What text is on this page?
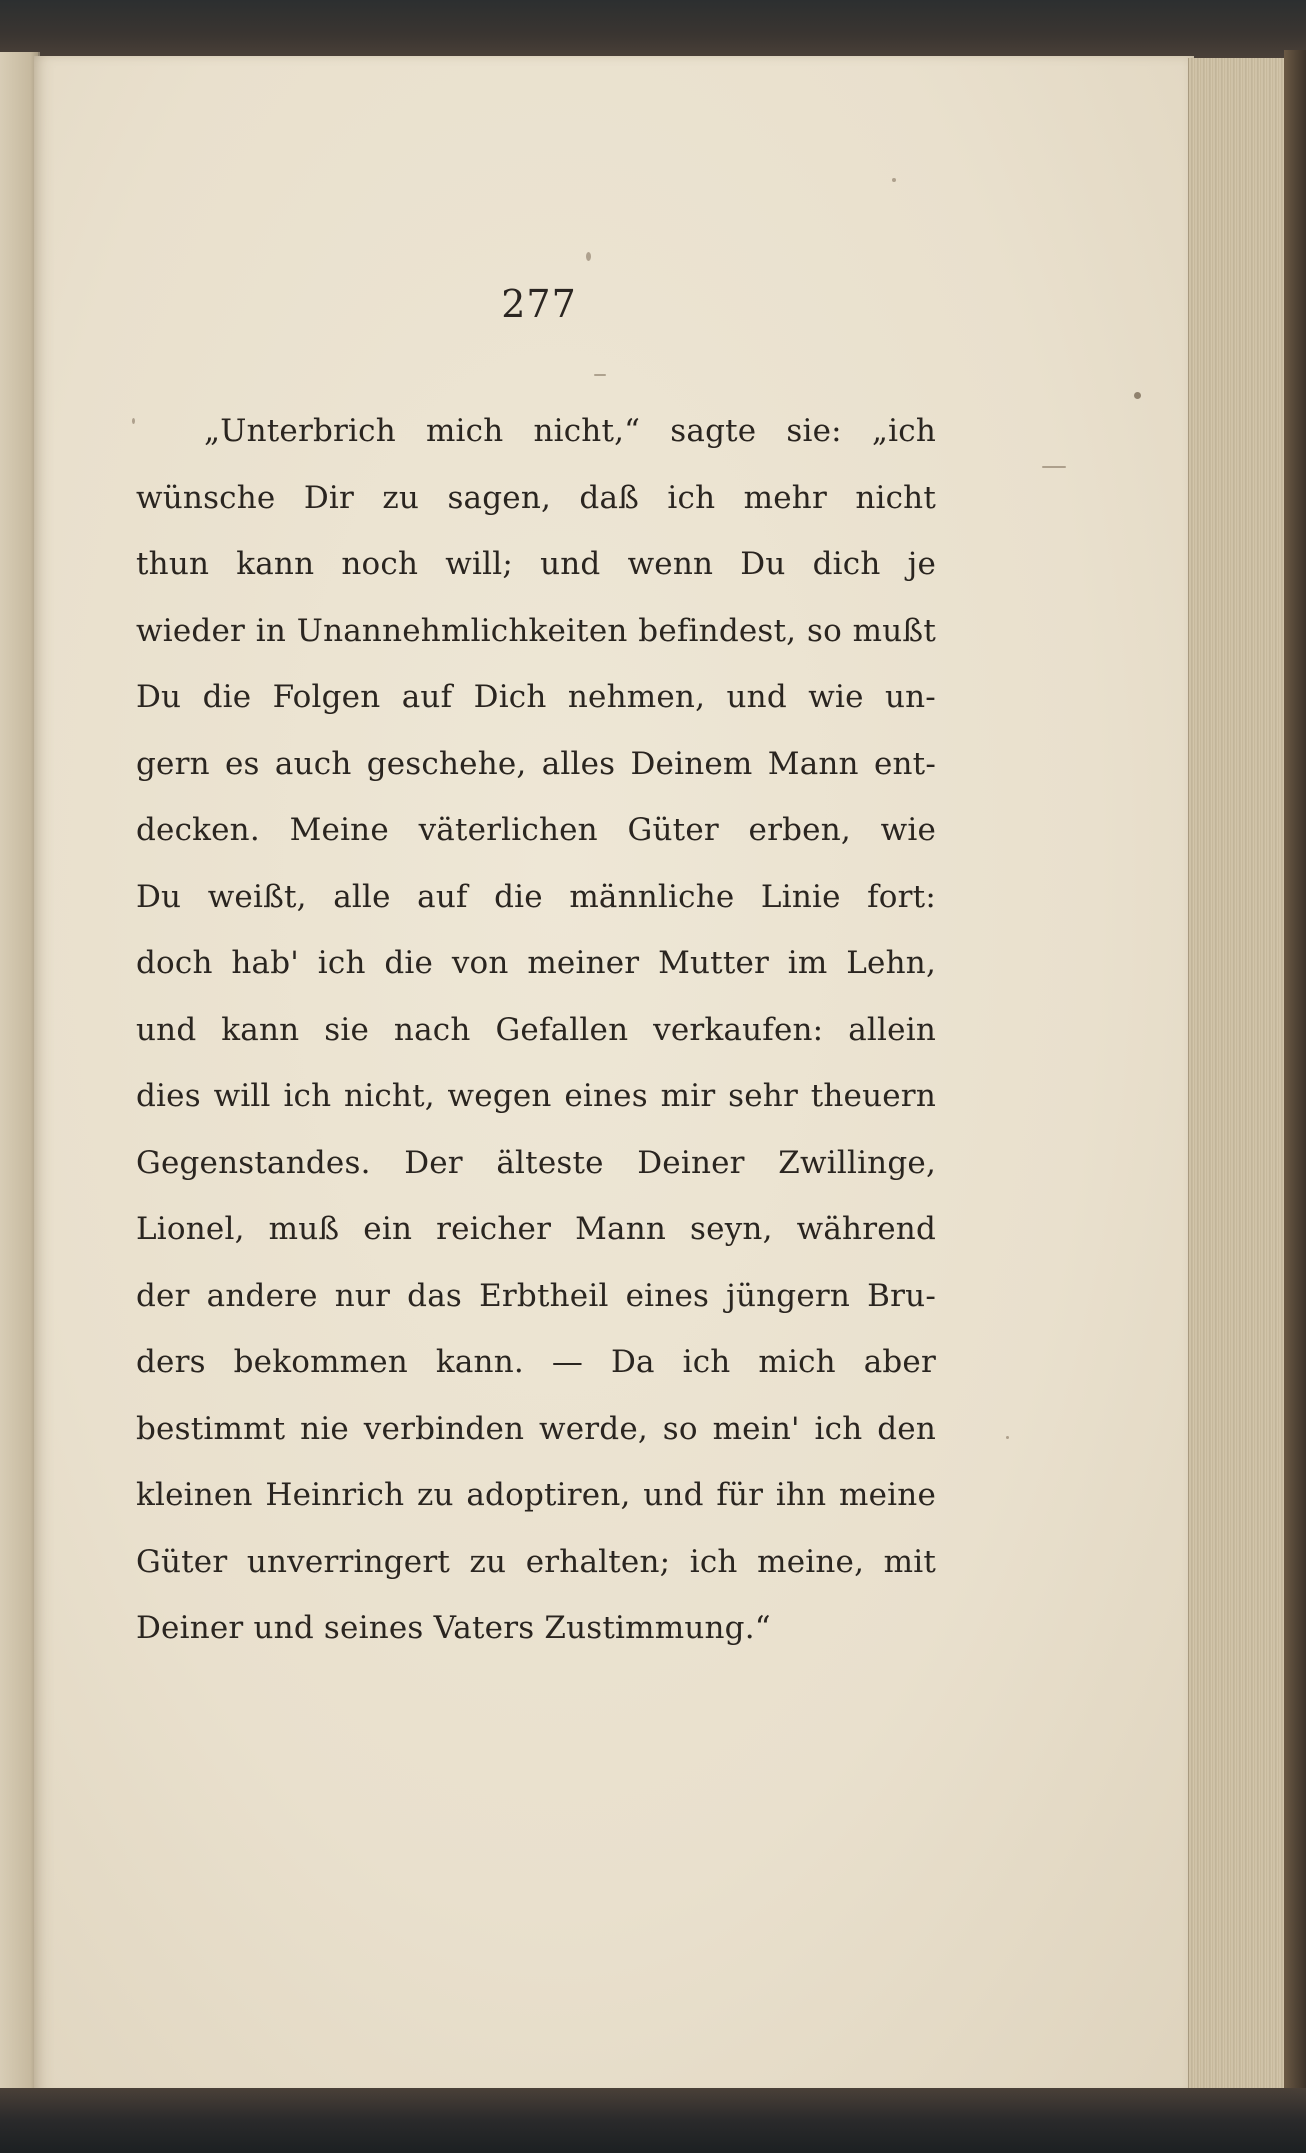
277
„Unterbrich mich nicht,“ sagte sie: „ich
wünsche Dir zu sagen, daß ich mehr nicht
thun kann noch will; und wenn Du dich je
wieder in Unannehmlichkeiten befindest, so mußt
Du die Folgen auf Dich nehmen, und wie un-
gern es auch geschehe, alles Deinem Mann ent-
decken. Meine väterlichen Güter erben, wie
Du weißt, alle auf die männliche Linie fort:
doch hab' ich die von meiner Mutter im Lehn,
und kann sie nach Gefallen verkaufen: allein
dies will ich nicht, wegen eines mir sehr theuern
Gegenstandes. Der älteste Deiner Zwillinge,
Lionel, muß ein reicher Mann seyn, während
der andere nur das Erbtheil eines jüngern Bru-
ders bekommen kann. — Da ich mich aber
bestimmt nie verbinden werde, so mein' ich den
kleinen Heinrich zu adoptiren, und für ihn meine
Güter unverringert zu erhalten; ich meine, mit
Deiner und seines Vaters Zustimmung.“
